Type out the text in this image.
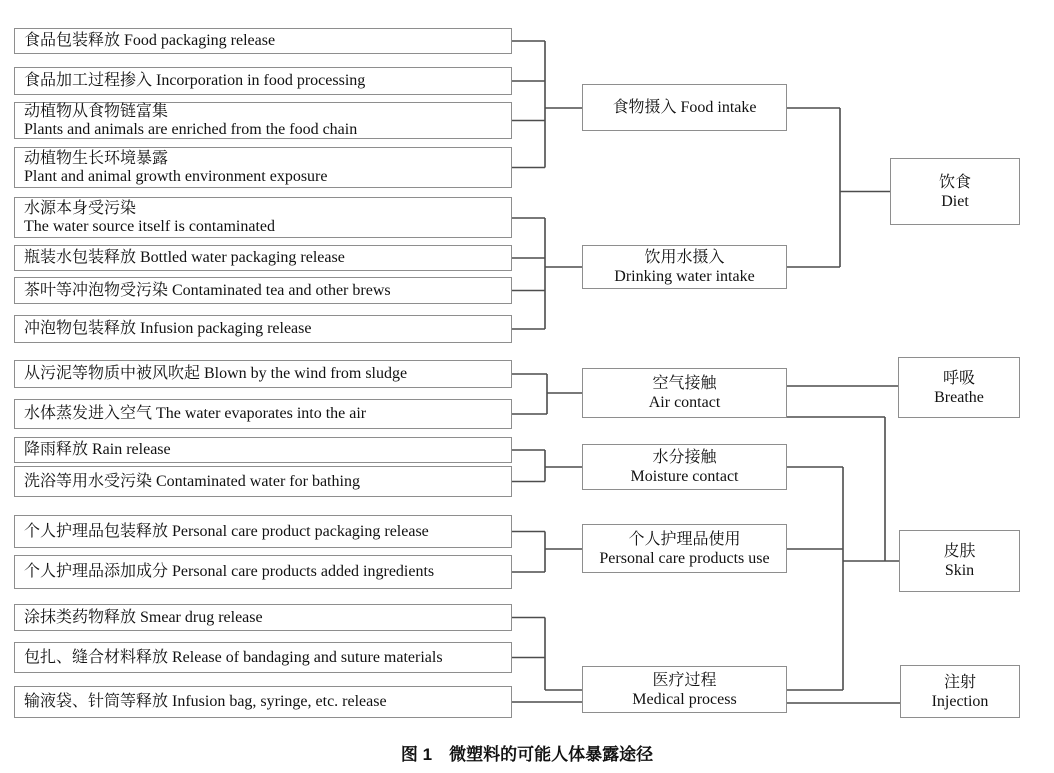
食品包装释放 Food packaging release
食品加工过程掺入 Incorporation in food processing
动植物从食物链富集
Plants and animals are enriched from the food chain
动植物生长环境暴露
Plant and animal growth environment exposure
水源本身受污染
The water source itself is contaminated
瓶装水包装释放 Bottled water packaging release
茶叶等冲泡物受污染 Contaminated tea and other brews
冲泡物包装释放 Infusion packaging release
从污泥等物质中被风吹起 Blown by the wind from sludge
水体蒸发进入空气 The water evaporates into the air
降雨释放 Rain release
洗浴等用水受污染 Contaminated water for bathing
个人护理品包装释放 Personal care product packaging release
个人护理品添加成分 Personal care products added ingredients
涂抹类药物释放 Smear drug release
包扎、缝合材料释放 Release of bandaging and suture materials
输液袋、针筒等释放 Infusion bag, syringe, etc. release
食物摄入 Food intake
饮用水摄入
Drinking water intake
空气接触
Air contact
水分接触
Moisture contact
个人护理品使用
Personal care products use
医疗过程
Medical process
饮食
Diet
呼吸
Breathe
皮肤
Skin
注射
Injection
图 1　微塑料的可能人体暴露途径
